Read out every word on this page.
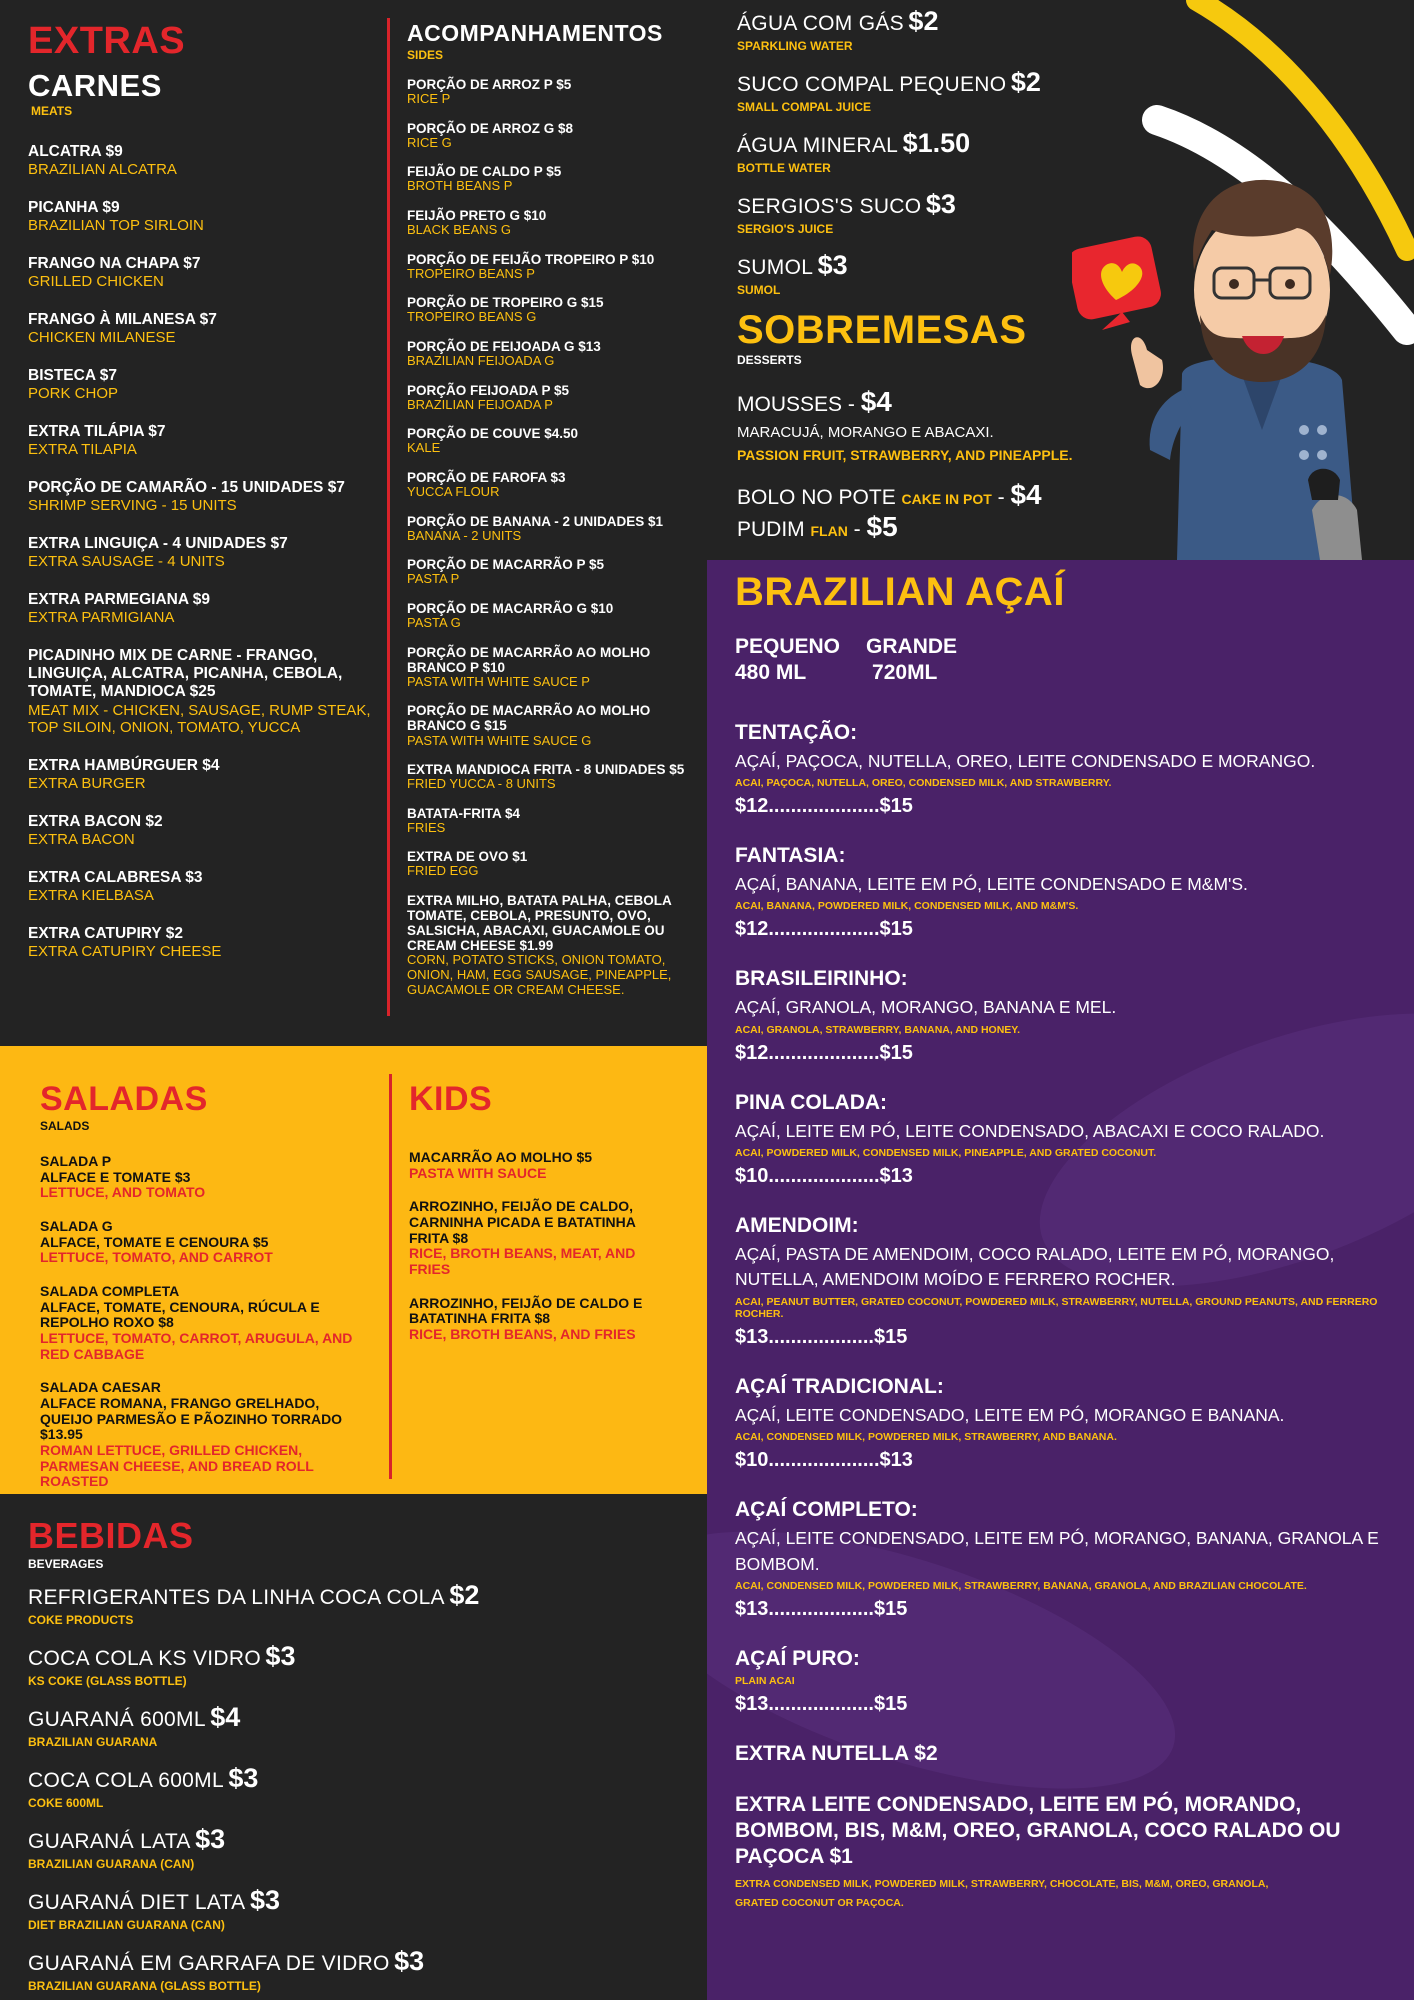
EXTRAS
CARNES
MEATS
ALCATRA $9
BRAZILIAN ALCATRA
PICANHA $9
BRAZILIAN TOP SIRLOIN
FRANGO NA CHAPA $7
GRILLED CHICKEN
FRANGO À MILANESA $7
CHICKEN MILANESE
BISTECA $7
PORK CHOP
EXTRA TILÁPIA $7
EXTRA TILAPIA
PORÇÃO DE CAMARÃO - 15 UNIDADES $7
SHRIMP SERVING - 15 UNITS
EXTRA LINGUIÇA - 4 UNIDADES $7
EXTRA SAUSAGE - 4 UNITS
EXTRA PARMEGIANA $9
EXTRA PARMIGIANA
PICADINHO MIX DE CARNE - FRANGO, LINGUIÇA, ALCATRA, PICANHA, CEBOLA, TOMATE, MANDIOCA $25
MEAT MIX - CHICKEN, SAUSAGE, RUMP STEAK, TOP SILOIN, ONION, TOMATO, YUCCA
EXTRA HAMBÚRGUER $4
EXTRA BURGER
EXTRA BACON $2
EXTRA BACON
EXTRA CALABRESA $3
EXTRA KIELBASA
EXTRA CATUPIRY $2
EXTRA CATUPIRY CHEESE
ACOMPANHAMENTOS
SIDES
PORÇÃO DE ARROZ P $5
RICE P
PORÇÃO DE ARROZ G $8
RICE G
FEIJÃO DE CALDO P $5
BROTH BEANS P
FEIJÃO PRETO G $10
BLACK BEANS G
PORÇÃO DE FEIJÃO TROPEIRO P $10
TROPEIRO BEANS P
PORÇÃO DE TROPEIRO G $15
TROPEIRO BEANS G
PORÇÃO DE FEIJOADA G $13
BRAZILIAN FEIJOADA G
PORÇÃO FEIJOADA P $5
BRAZILIAN FEIJOADA P
PORÇÃO DE COUVE $4.50
KALE
PORÇÃO DE FAROFA $3
YUCCA FLOUR
PORÇÃO DE BANANA - 2 UNIDADES $1
BANANA - 2 UNITS
PORÇÃO DE MACARRÃO P $5
PASTA P
PORÇÃO DE MACARRÃO G $10
PASTA G
PORÇÃO DE MACARRÃO AO MOLHO BRANCO P $10
PASTA WITH WHITE SAUCE P
PORÇÃO DE MACARRÃO AO MOLHO BRANCO G $15
PASTA WITH WHITE SAUCE G
EXTRA MANDIOCA FRITA - 8 UNIDADES $5
FRIED YUCCA - 8 UNITS
BATATA-FRITA $4
FRIES
EXTRA DE OVO $1
FRIED EGG
EXTRA MILHO, BATATA PALHA, CEBOLA TOMATE, CEBOLA, PRESUNTO, OVO, SALSICHA, ABACAXI, GUACAMOLE OU CREAM CHEESE $1.99
CORN, POTATO STICKS, ONION TOMATO, ONION, HAM, EGG SAUSAGE, PINEAPPLE, GUACAMOLE OR CREAM CHEESE.
ÁGUA COM GÁS $2
SPARKLING WATER
SUCO COMPAL PEQUENO $2
SMALL COMPAL JUICE
ÁGUA MINERAL $1.50
BOTTLE WATER
SERGIOS'S SUCO $3
SERGIO'S JUICE
SUMOL $3
SUMOL
SOBREMESAS
DESSERTS
MOUSSES - $4
MARACUJÁ, MORANGO E ABACAXI.
PASSION FRUIT, STRAWBERRY, AND PINEAPPLE.
BOLO NO POTE CAKE IN POT - $4
PUDIM FLAN - $5
SALADAS
SALADS
SALADA P
ALFACE E TOMATE $3
LETTUCE, AND TOMATO
SALADA G
ALFACE, TOMATE E CENOURA $5
LETTUCE, TOMATO, AND CARROT
SALADA COMPLETA
ALFACE, TOMATE, CENOURA, RÚCULA E REPOLHO ROXO $8
LETTUCE, TOMATO, CARROT, ARUGULA, AND RED CABBAGE
SALADA CAESAR
ALFACE ROMANA, FRANGO GRELHADO, QUEIJO PARMESÃO E PÃOZINHO TORRADO $13.95
ROMAN LETTUCE, GRILLED CHICKEN, PARMESAN CHEESE, AND BREAD ROLL ROASTED
KIDS
MACARRÃO AO MOLHO $5
PASTA WITH SAUCE
ARROZINHO, FEIJÃO DE CALDO, CARNINHA PICADA E BATATINHA FRITA $8
RICE, BROTH BEANS, MEAT, AND FRIES
ARROZINHO, FEIJÃO DE CALDO E BATATINHA FRITA $8
RICE, BROTH BEANS, AND FRIES
BEBIDAS
BEVERAGES
REFRIGERANTES DA LINHA COCA COLA $2
COKE PRODUCTS
COCA COLA KS VIDRO $3
KS COKE (GLASS BOTTLE)
GUARANÁ 600ML $4
BRAZILIAN GUARANA
COCA COLA 600ML $3
COKE 600ML
GUARANÁ LATA $3
BRAZILIAN GUARANA (CAN)
GUARANÁ DIET LATA $3
DIET BRAZILIAN GUARANA (CAN)
GUARANÁ EM GARRAFA DE VIDRO $3
BRAZILIAN GUARANA (GLASS BOTTLE)
BRAZILIAN AÇAÍ
PEQUENO
480 ML
GRANDE
720ML
TENTAÇÃO:
AÇAÍ, PAÇOCA, NUTELLA, OREO, LEITE CONDENSADO E MORANGO.
ACAI, PAÇOCA, NUTELLA, OREO, CONDENSED MILK, AND STRAWBERRY.
$12....................$15
FANTASIA:
AÇAÍ, BANANA, LEITE EM PÓ, LEITE CONDENSADO E M&M'S.
ACAI, BANANA, POWDERED MILK, CONDENSED MILK, AND M&M'S.
$12....................$15
BRASILEIRINHO:
AÇAÍ, GRANOLA, MORANGO, BANANA E MEL.
ACAI, GRANOLA, STRAWBERRY, BANANA, AND HONEY.
$12....................$15
PINA COLADA:
AÇAÍ, LEITE EM PÓ, LEITE CONDENSADO, ABACAXI E COCO RALADO.
ACAI, POWDERED MILK, CONDENSED MILK, PINEAPPLE, AND GRATED COCONUT.
$10....................$13
AMENDOIM:
AÇAÍ, PASTA DE AMENDOIM, COCO RALADO, LEITE EM PÓ, MORANGO, NUTELLA, AMENDOIM MOÍDO E FERRERO ROCHER.
ACAI, PEANUT BUTTER, GRATED COCONUT, POWDERED MILK, STRAWBERRY, NUTELLA, GROUND PEANUTS, AND FERRERO ROCHER.
$13...................$15
AÇAÍ TRADICIONAL:
AÇAÍ, LEITE CONDENSADO, LEITE EM PÓ, MORANGO E BANANA.
ACAI, CONDENSED MILK, POWDERED MILK, STRAWBERRY, AND BANANA.
$10....................$13
AÇAÍ COMPLETO:
AÇAÍ, LEITE CONDENSADO, LEITE EM PÓ, MORANGO, BANANA, GRANOLA E BOMBOM.
ACAI, CONDENSED MILK, POWDERED MILK, STRAWBERRY, BANANA, GRANOLA, AND BRAZILIAN CHOCOLATE.
$13...................$15
AÇAÍ PURO:
PLAIN ACAI
$13...................$15
EXTRA NUTELLA $2
EXTRA LEITE CONDENSADO, LEITE EM PÓ, MORANDO, BOMBOM, BIS, M&M, OREO, GRANOLA, COCO RALADO OU PAÇOCA $1
EXTRA CONDENSED MILK, POWDERED MILK, STRAWBERRY, CHOCOLATE, BIS, M&M, OREO, GRANOLA, GRATED COCONUT OR PAÇOCA.
